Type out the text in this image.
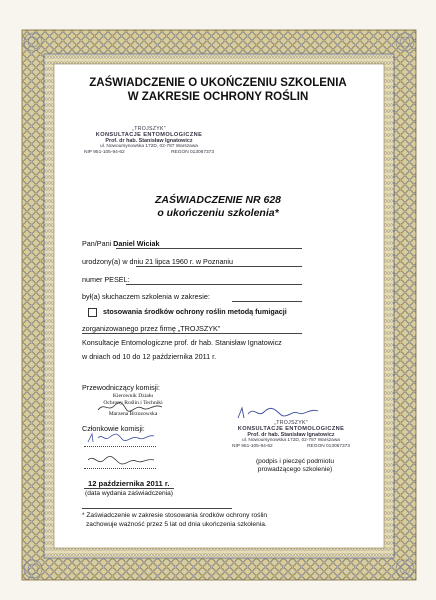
ZAŚWIADCZENIE O UKOŃCZENIU SZKOLENIA
W ZAKRESIE OCHRONY ROŚLIN
„TROJSZYK”
KONSULTACJE ENTOMOLOGICZNE
Prof. dr hab. Stanisław Ignatowicz
ul. Nowoursynowska 172D, 02-787 Warszawa
NIP 951-105-94-62	REGON 013067373
ZAŚWIADCZENIE NR 628
o ukończeniu szkolenia*
Pan/Pani Daniel Wiciak
urodzony(a) w dniu 21 lipca 1960 r. w Poznaniu
numer PESEL:
był(a) słuchaczem szkolenia w zakresie:
stosowania środków ochrony roślin metodą fumigacji
zorganizowanego przez firmę „TROJSZYK”
Konsultacje Entomologiczne prof. dr hab. Stanisław Ignatowicz
w dniach od 10 do 12 października 2011 r.
Przewodniczący komisji:
Kierownik Działu
Ochrony Roślin i Techniki
Marzena Brzozowska
Członkowie komisji:
„TROJSZYK”
KONSULTACJE ENTOMOLOGICZNE
Prof. dr hab. Stanisław Ignatowicz
ul. Nowoursynowska 172D, 02-787 Warszawa
NIP 951-105-94-62	REGON 013067373
(podpis i pieczęć podmiotu
prowadzącego szkolenie)
12 października 2011 r.
(data wydania zaświadczenia)
* Zaświadczenie w zakresie stosowania środków ochrony roślin
zachowuje ważność przez 5 lat od dnia ukończenia szkolenia.
